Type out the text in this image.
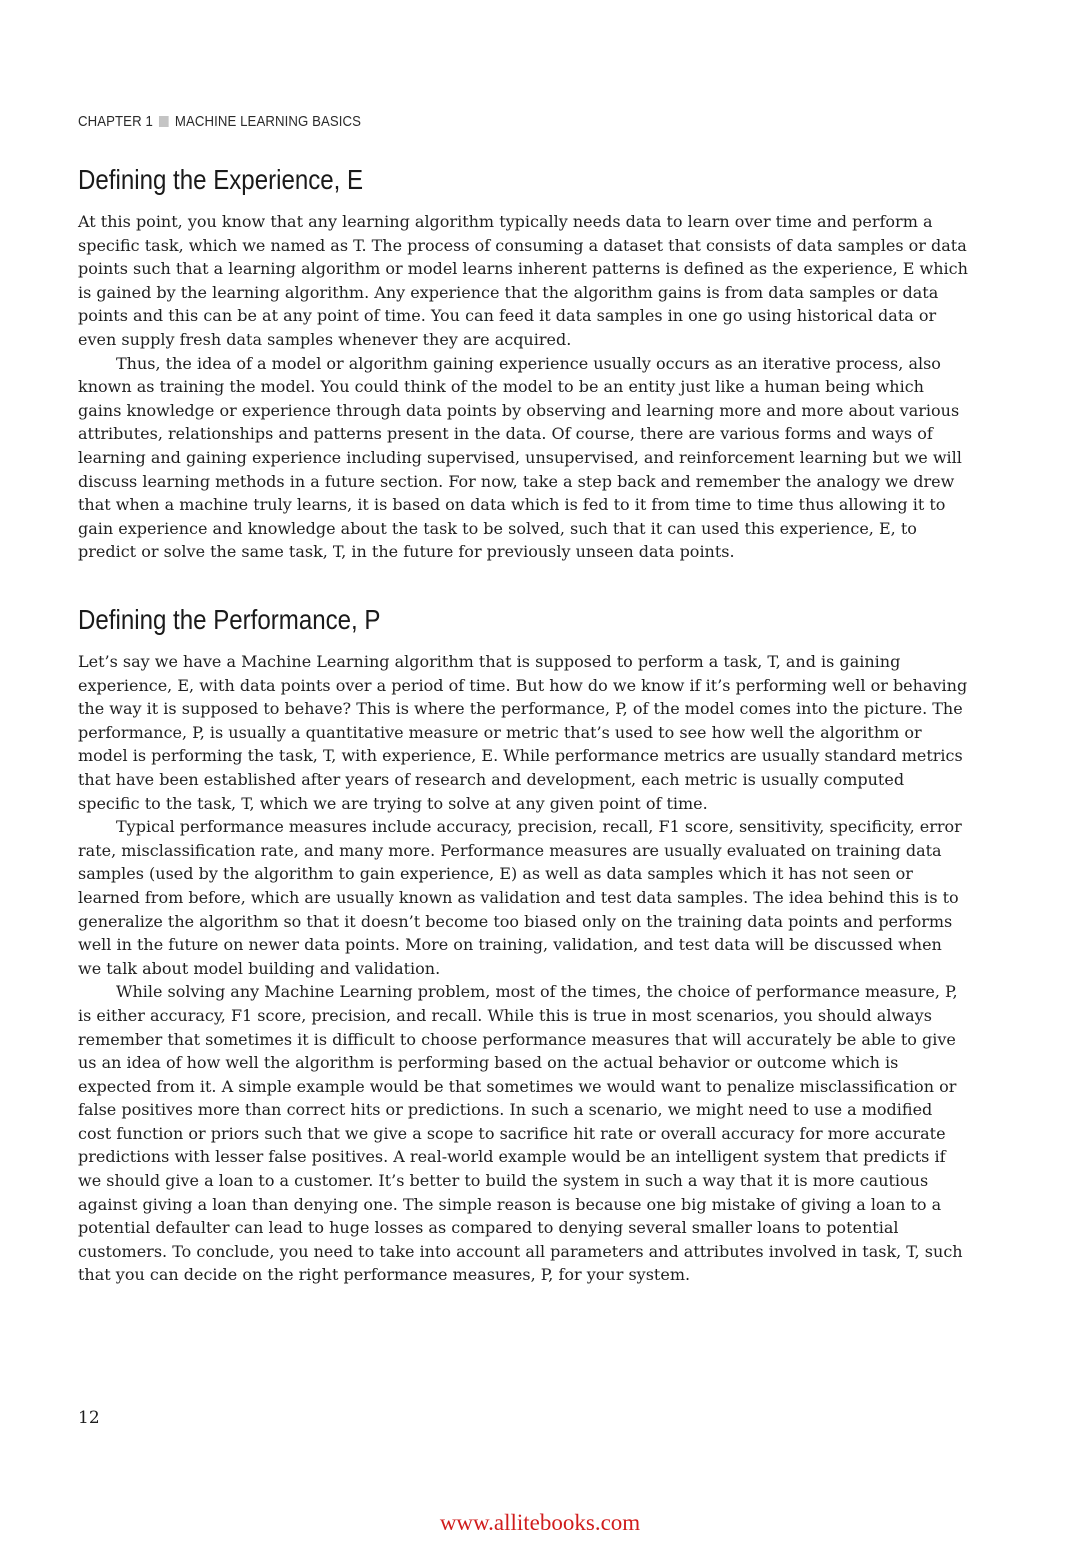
CHAPTER 1 MACHINE LEARNING BASICS
Defining the Experience, E

At this point, you know that any learning algorithm typically needs data to learn over time and perform a specific task, which we named as T. The process of consuming a dataset that consists of data samples or data points such that a learning algorithm or model learns inherent patterns is defined as the experience, E which is gained by the learning algorithm. Any experience that the algorithm gains is from data samples or data points and this can be at any point of time. You can feed it data samples in one go using historical data or even supply fresh data samples whenever they are acquired.

Thus, the idea of a model or algorithm gaining experience usually occurs as an iterative process, also known as training the model. You could think of the model to be an entity just like a human being which gains knowledge or experience through data points by observing and learning more and more about various attributes, relationships and patterns present in the data. Of course, there are various forms and ways of learning and gaining experience including supervised, unsupervised, and reinforcement learning but we will discuss learning methods in a future section. For now, take a step back and remember the analogy we drew that when a machine truly learns, it is based on data which is fed to it from time to time thus allowing it to gain experience and knowledge about the task to be solved, such that it can used this experience, E, to predict or solve the same task, T, in the future for previously unseen data points.

Defining the Performance, P

Let’s say we have a Machine Learning algorithm that is supposed to perform a task, T, and is gaining experience, E, with data points over a period of time. But how do we know if it’s performing well or behaving the way it is supposed to behave? This is where the performance, P, of the model comes into the picture. The performance, P, is usually a quantitative measure or metric that’s used to see how well the algorithm or model is performing the task, T, with experience, E. While performance metrics are usually standard metrics that have been established after years of research and development, each metric is usually computed specific to the task, T, which we are trying to solve at any given point of time.

Typical performance measures include accuracy, precision, recall, F1 score, sensitivity, specificity, error rate, misclassification rate, and many more. Performance measures are usually evaluated on training data samples (used by the algorithm to gain experience, E) as well as data samples which it has not seen or learned from before, which are usually known as validation and test data samples. The idea behind this is to generalize the algorithm so that it doesn’t become too biased only on the training data points and performs well in the future on newer data points. More on training, validation, and test data will be discussed when we talk about model building and validation.

While solving any Machine Learning problem, most of the times, the choice of performance measure, P, is either accuracy, F1 score, precision, and recall. While this is true in most scenarios, you should always remember that sometimes it is difficult to choose performance measures that will accurately be able to give us an idea of how well the algorithm is performing based on the actual behavior or outcome which is expected from it. A simple example would be that sometimes we would want to penalize misclassification or false positives more than correct hits or predictions. In such a scenario, we might need to use a modified cost function or priors such that we give a scope to sacrifice hit rate or overall accuracy for more accurate predictions with lesser false positives. A real-world example would be an intelligent system that predicts if we should give a loan to a customer. It’s better to build the system in such a way that it is more cautious against giving a loan than denying one. The simple reason is because one big mistake of giving a loan to a potential defaulter can lead to huge losses as compared to denying several smaller loans to potential customers. To conclude, you need to take into account all parameters and attributes involved in task, T, such that you can decide on the right performance measures, P, for your system.

12
www.allitebooks.com
